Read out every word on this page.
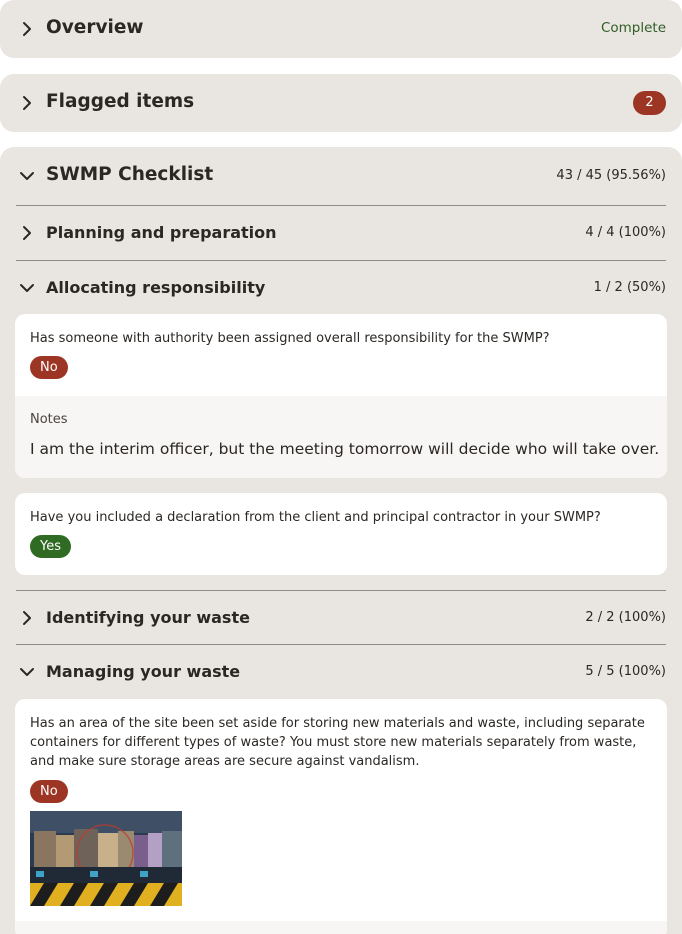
Overview	Complete
Flagged items	2
SWMP Checklist	43 / 45 (95.56%)
Planning and preparation	4 / 4 (100%)
Allocating responsibility	1 / 2 (50%)
Has someone with authority been assigned overall responsibility for the SWMP?
No
Notes
I am the interim officer, but the meeting tomorrow will decide who will take over.
Have you included a declaration from the client and principal contractor in your SWMP?
Yes
Identifying your waste	2 / 2 (100%)
Managing your waste	5 / 5 (100%)
Has an area of the site been set aside for storing new materials and waste, including separate containers for different types of waste? You must store new materials separately from waste, and make sure storage areas are secure against vandalism.
No
